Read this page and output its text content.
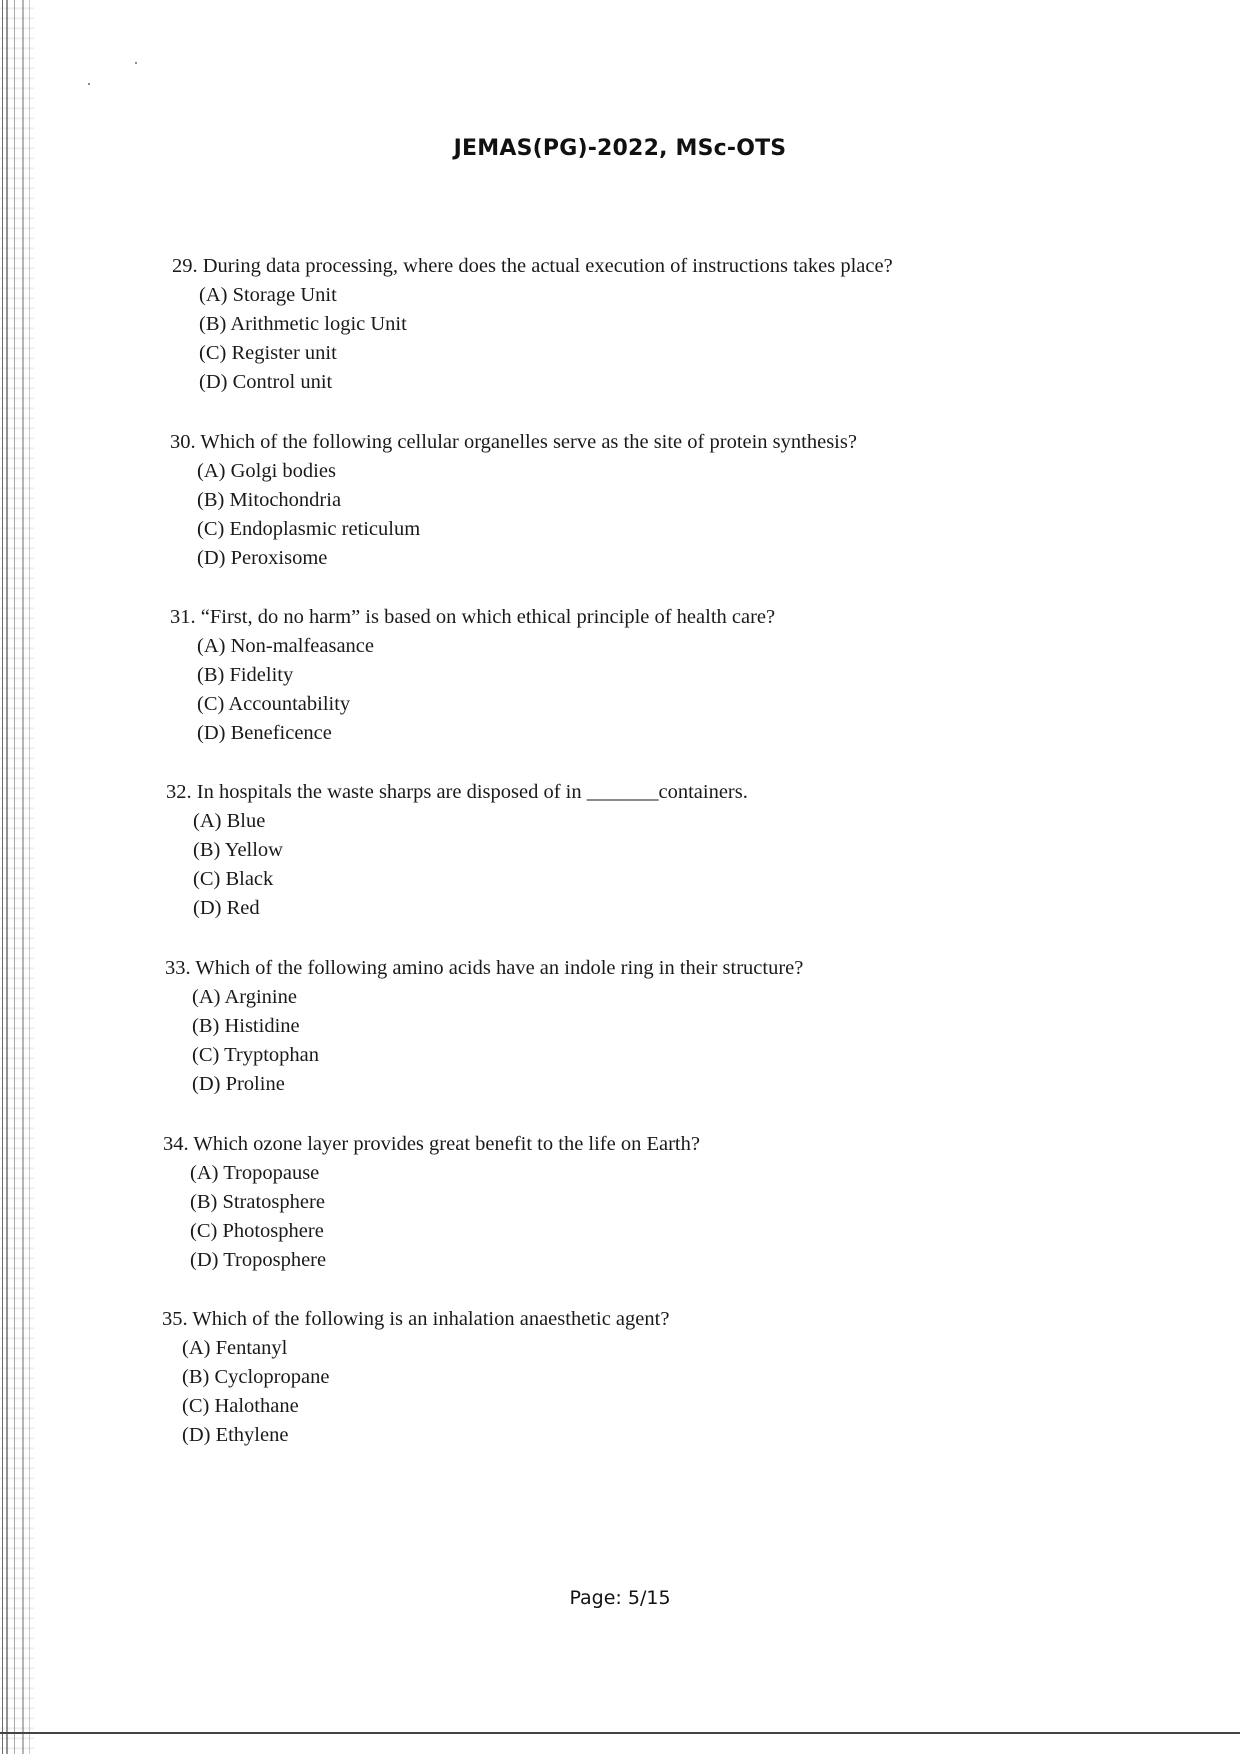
JEMAS(PG)-2022, MSc-OTS
29. During data processing, where does the actual execution of instructions takes place?
(A) Storage Unit
(B) Arithmetic logic Unit
(C) Register unit
(D) Control unit
30. Which of the following cellular organelles serve as the site of protein synthesis?
(A) Golgi bodies
(B) Mitochondria
(C) Endoplasmic reticulum
(D) Peroxisome
31. “First, do no harm” is based on which ethical principle of health care?
(A) Non-malfeasance
(B) Fidelity
(C) Accountability
(D) Beneficence
32. In hospitals the waste sharps are disposed of in _______containers.
(A) Blue
(B) Yellow
(C) Black
(D) Red
33. Which of the following amino acids have an indole ring in their structure?
(A) Arginine
(B) Histidine
(C) Tryptophan
(D) Proline
34. Which ozone layer provides great benefit to the life on Earth?
(A) Tropopause
(B) Stratosphere
(C) Photosphere
(D) Troposphere
35. Which of the following is an inhalation anaesthetic agent?
(A) Fentanyl
(B) Cyclopropane
(C) Halothane
(D) Ethylene
Page: 5/15
